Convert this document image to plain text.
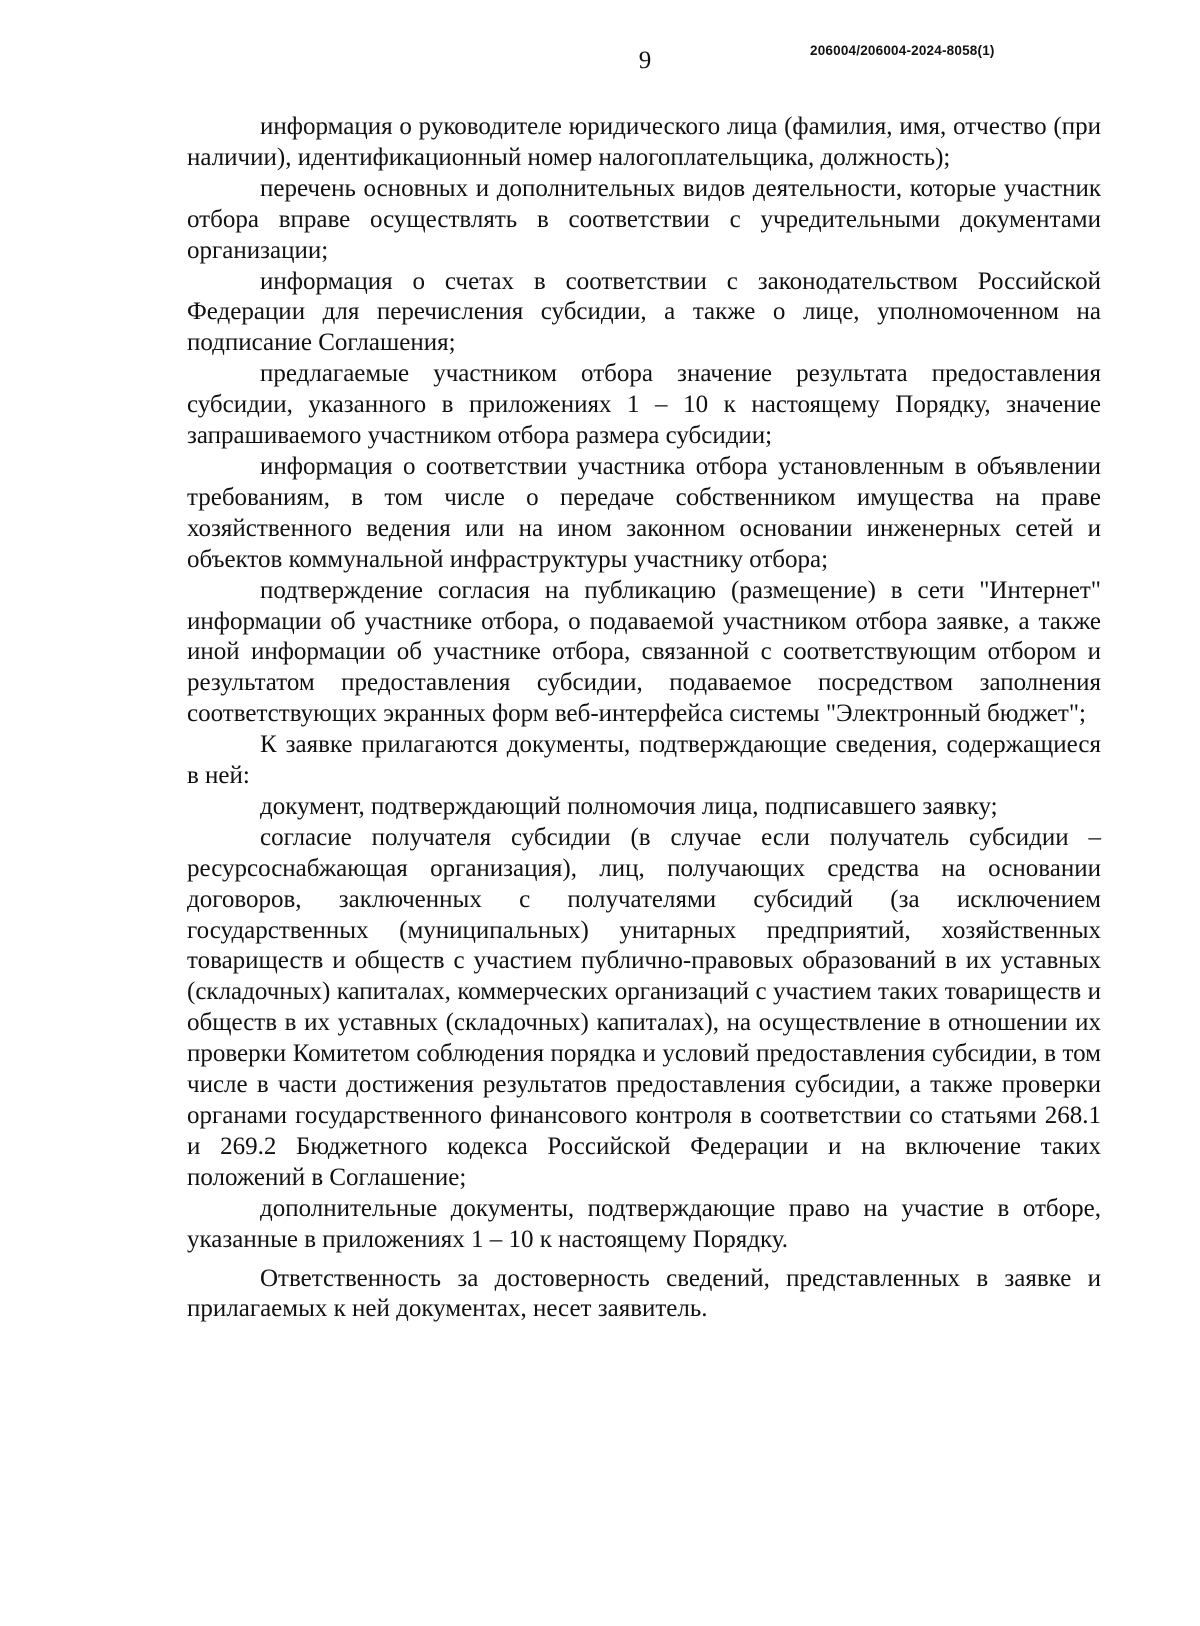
9	206004/206004-2024-8058(1)

информация о руководителе юридического лица (фамилия, имя, отчество (при наличии), идентификационный номер налогоплательщика, должность);

перечень основных и дополнительных видов деятельности, которые участник отбора вправе осуществлять в соответствии с учредительными документами организации;

информация о счетах в соответствии с законодательством Российской Федерации для перечисления субсидии, а также о лице, уполномоченном на подписание Соглашения;

предлагаемые участником отбора значение результата предоставления субсидии, указанного в приложениях 1 – 10 к настоящему Порядку, значение запрашиваемого участником отбора размера субсидии;

информация о соответствии участника отбора установленным в объявлении требованиям, в том числе о передаче собственником имущества на праве хозяйственного ведения или на ином законном основании инженерных сетей и объектов коммунальной инфраструктуры участнику отбора;

подтверждение согласия на публикацию (размещение) в сети "Интернет" информации об участнике отбора, о подаваемой участником отбора заявке, а также иной информации об участнике отбора, связанной с соответствующим отбором и результатом предоставления субсидии, подаваемое посредством заполнения соответствующих экранных форм веб-интерфейса системы "Электронный бюджет";

К заявке прилагаются документы, подтверждающие сведения, содержащиеся в ней:

документ, подтверждающий полномочия лица, подписавшего заявку;

согласие получателя субсидии (в случае если получатель субсидии – ресурсоснабжающая организация), лиц, получающих средства на основании договоров, заключенных с получателями субсидий (за исключением государственных (муниципальных) унитарных предприятий, хозяйственных товариществ и обществ с участием публично-правовых образований в их уставных (складочных) капиталах, коммерческих организаций с участием таких товариществ и обществ в их уставных (складочных) капиталах), на осуществление в отношении их проверки Комитетом соблюдения порядка и условий предоставления субсидии, в том числе в части достижения результатов предоставления субсидии, а также проверки органами государственного финансового контроля в соответствии со статьями 268.1 и 269.2 Бюджетного кодекса Российской Федерации и на включение таких положений в Соглашение;

дополнительные документы, подтверждающие право на участие в отборе, указанные в приложениях 1 – 10 к настоящему Порядку.

Ответственность за достоверность сведений, представленных в заявке и прилагаемых к ней документах, несет заявитель.
